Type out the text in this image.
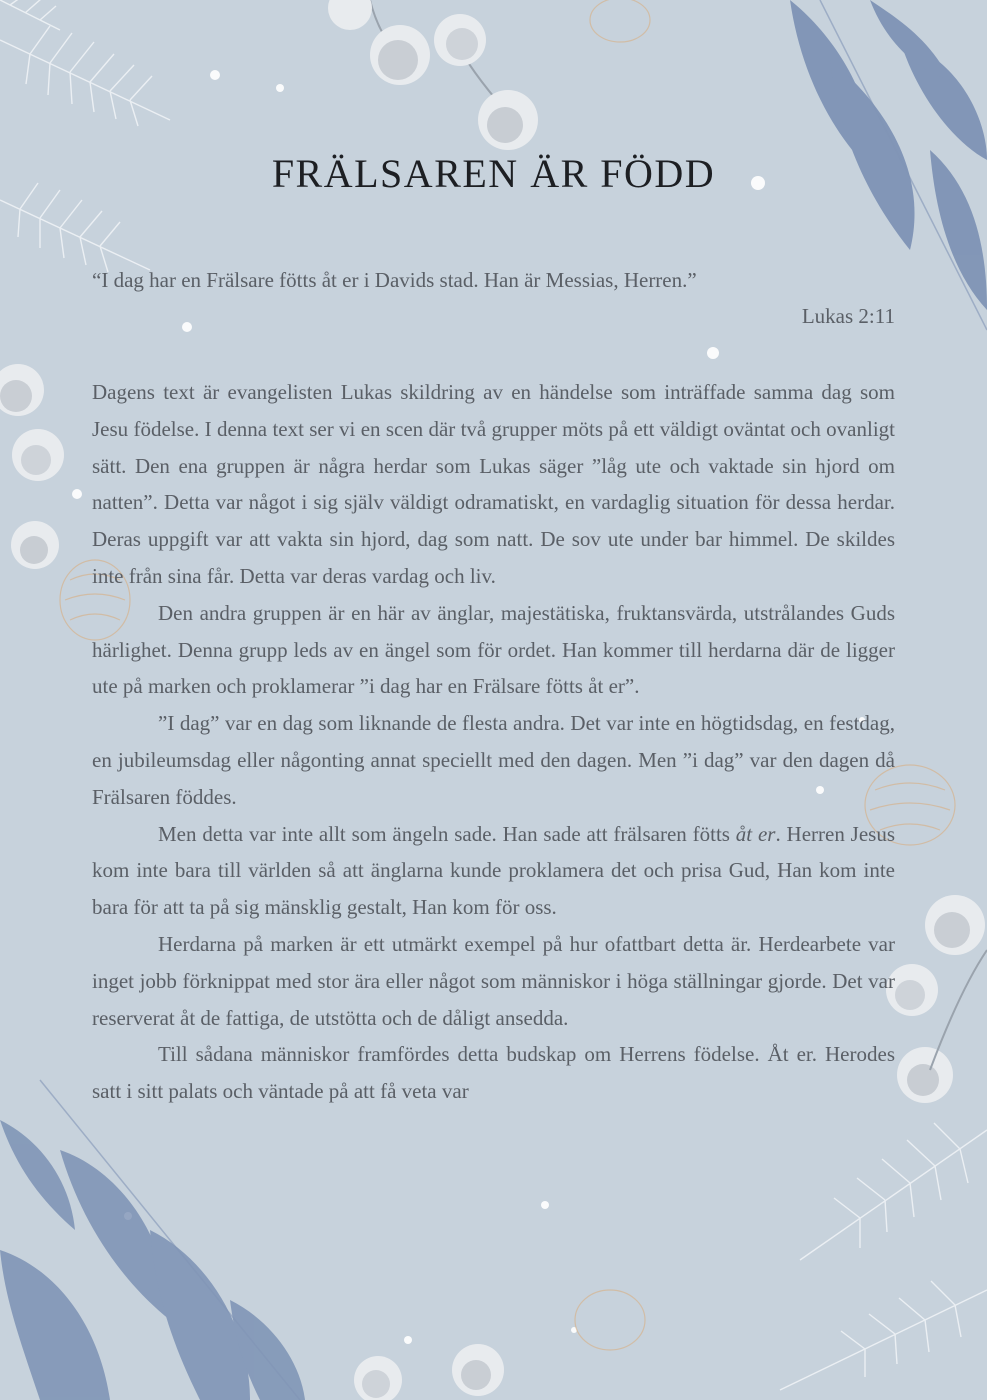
FRÄLSAREN ÄR FÖDD
“I dag har en Frälsare fötts åt er i Davids stad. Han är Messias, Herren.”
Lukas 2:11

Dagens text är evangelisten Lukas skildring av en händelse som inträffade samma dag som Jesu födelse. I denna text ser vi en scen där två grupper möts på ett väldigt oväntat och ovanligt sätt. Den ena gruppen är några herdar som Lukas säger ”låg ute och vaktade sin hjord om natten”. Detta var något i sig själv väldigt odramatiskt, en vardaglig situation för dessa herdar. Deras uppgift var att vakta sin hjord, dag som natt. De sov ute under bar himmel. De skildes inte från sina får. Detta var deras vardag och liv.

Den andra gruppen är en här av änglar, majestätiska, fruktansvärda, utstrålandes Guds härlighet. Denna grupp leds av en ängel som för ordet. Han kommer till herdarna där de ligger ute på marken och proklamerar ”i dag har en Frälsare fötts åt er”.

”I dag” var en dag som liknande de flesta andra. Det var inte en högtidsdag, en festdag, en jubileumsdag eller någonting annat speciellt med den dagen. Men ”i dag” var den dagen då Frälsaren föddes.

Men detta var inte allt som ängeln sade. Han sade att frälsaren fötts åt er. Herren Jesus kom inte bara till världen så att änglarna kunde proklamera det och prisa Gud, Han kom inte bara för att ta på sig mänsklig gestalt, Han kom för oss.

Herdarna på marken är ett utmärkt exempel på hur ofattbart detta är. Herdearbete var inget jobb förknippat med stor ära eller något som människor i höga ställningar gjorde. Det var reserverat åt de fattiga, de utstötta och de dåligt ansedda.

Till sådana människor framfördes detta budskap om Herrens födelse. Åt er. Herodes satt i sitt palats och väntade på att få veta var
